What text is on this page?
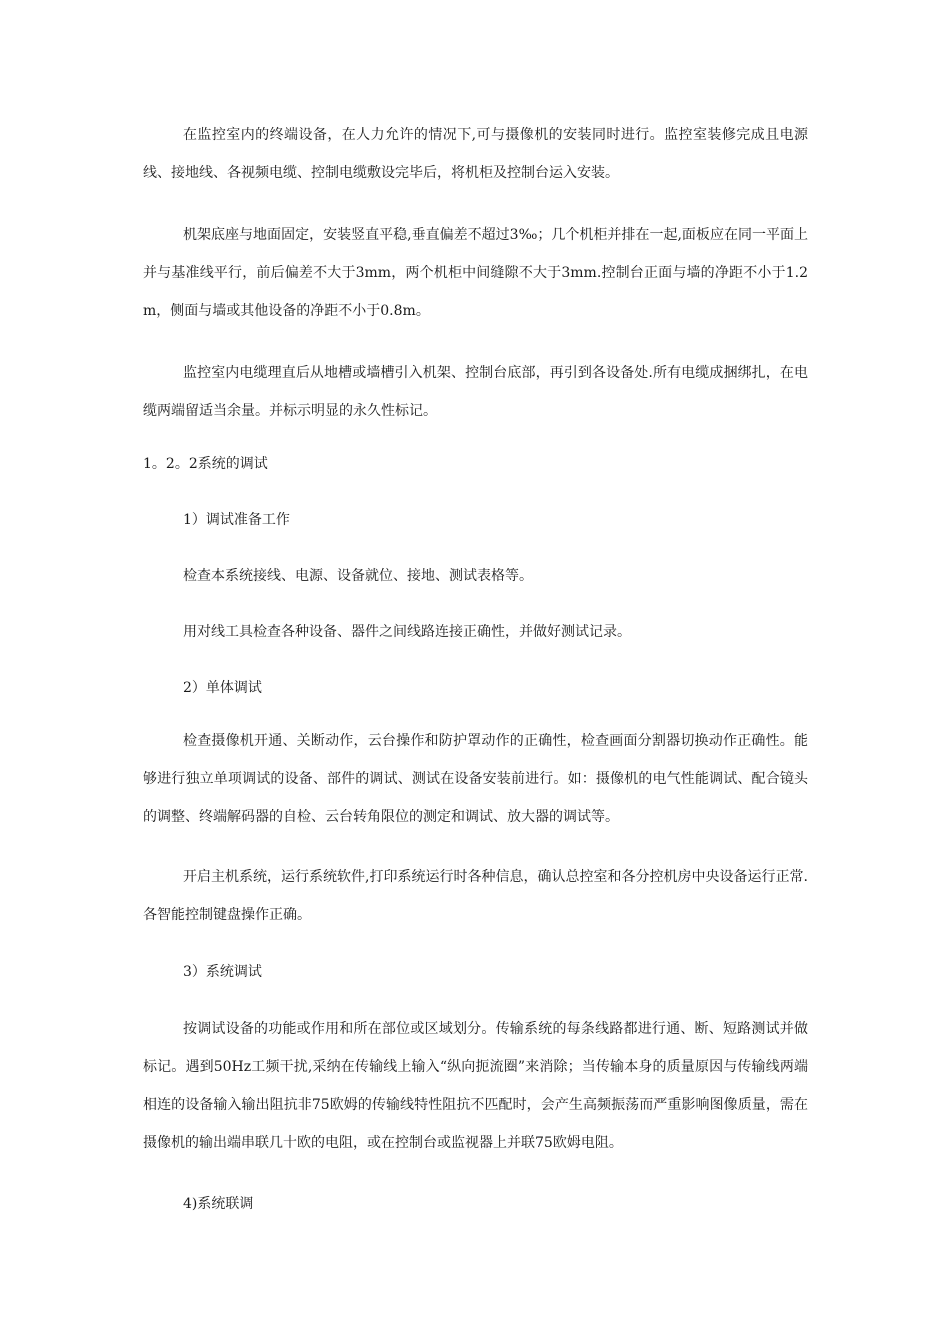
在监控室内的终端设备，在人力允许的情况下,可与摄像机的安装同时进行。监控室装修完成且电源线、接地线、各视频电缆、控制电缆敷设完毕后，将机柜及控制台运入安装。

机架底座与地面固定，安装竖直平稳,垂直偏差不超过3‰；几个机柜并排在一起,面板应在同一平面上并与基准线平行，前后偏差不大于3mm，两个机柜中间缝隙不大于3mm.控制台正面与墙的净距不小于1.2m，侧面与墙或其他设备的净距不小于0.8m。

监控室内电缆理直后从地槽或墙槽引入机架、控制台底部，再引到各设备处.所有电缆成捆绑扎，在电缆两端留适当余量。并标示明显的永久性标记。

1。2。2系统的调试

1）调试准备工作

检查本系统接线、电源、设备就位、接地、测试表格等。

用对线工具检查各种设备、器件之间线路连接正确性，并做好测试记录。

2）单体调试

检查摄像机开通、关断动作，云台操作和防护罩动作的正确性，检查画面分割器切换动作正确性。能够进行独立单项调试的设备、部件的调试、测试在设备安装前进行。如：摄像机的电气性能调试、配合镜头的调整、终端解码器的自检、云台转角限位的测定和调试、放大器的调试等。

开启主机系统，运行系统软件,打印系统运行时各种信息，确认总控室和各分控机房中央设备运行正常.各智能控制键盘操作正确。

3）系统调试

按调试设备的功能或作用和所在部位或区域划分。传输系统的每条线路都进行通、断、短路测试并做标记。遇到50Hz工频干扰,采纳在传输线上输入“纵向扼流圈”来消除；当传输本身的质量原因与传输线两端相连的设备输入输出阻抗非75欧姆的传输线特性阻抗不匹配时，会产生高频振荡而严重影响图像质量，需在摄像机的输出端串联几十欧的电阻，或在控制台或监视器上并联75欧姆电阻。

4)系统联调
